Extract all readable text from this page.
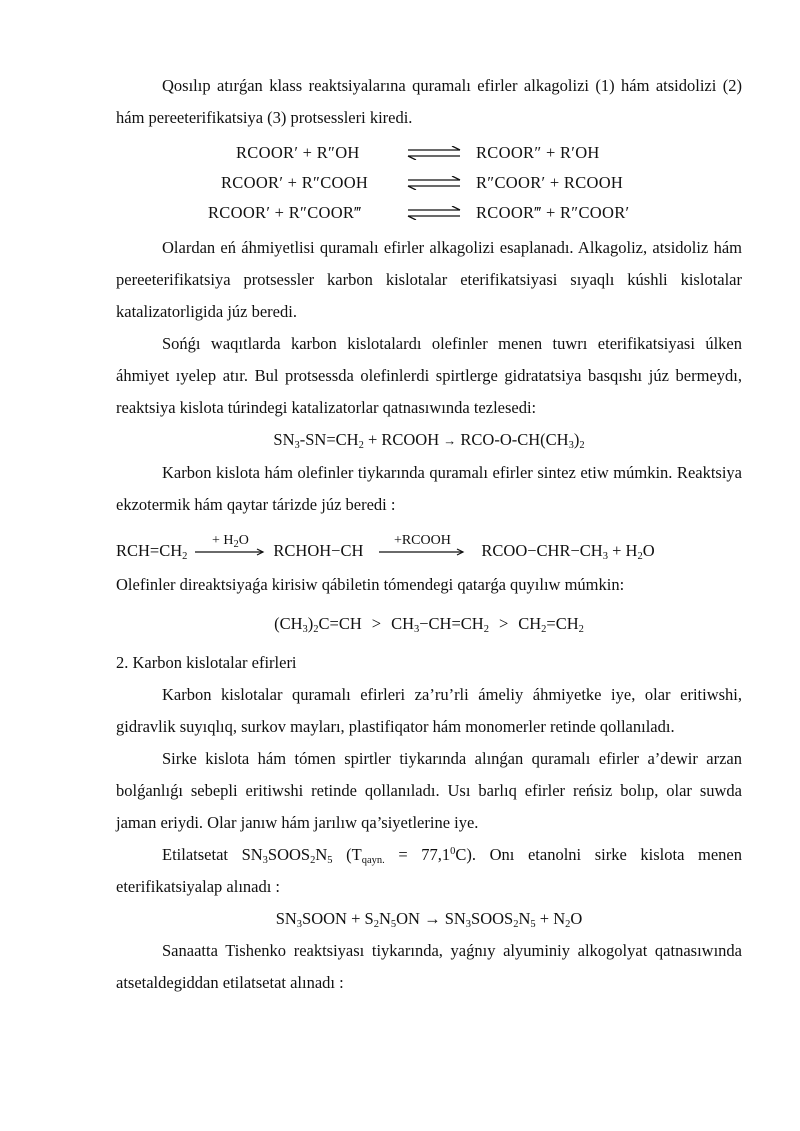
Qosılıp atırǵan klass reaktsiyalarına quramalı efirler alkagolizi (1) hám atsidolizi (2) hám pereeterifikatsiya (3) protsessleri kiredi.

RCOOR′ + R″OH	⇌ RCOOR″ + R′OH
RCOOR′ + R″COOH	⇌ R″COOR′ + RCOOH
RCOOR′ + R″COOR‴	⇌ RCOOR‴ + R″COOR′

Olardan eń áhmiyetlisi quramalı efirler alkagolizi esaplanadı. Alkagoliz, atsidoliz hám pereeterifikatsiya protsessler karbon kislotalar eterifikatsiyasi sıyaqlı kúshli kislotalar katalizatorligida júz beredi.

Sońǵı waqıtlarda karbon kislotalardı olefinler menen tuwrı eterifikatsiyasi úlken áhmiyet ıyelep atır. Bul protsessda olefinlerdi spirtlerge gidratatsiya basqıshı júz bermeydı, reaktsiya kislota túrindegi katalizatorlar qatnasıwında tezlesedi:

$SN_3-SN=CH_2$ + RCOOH → RCO-$O-CH(CH_3)_2$

Karbon kislota hám olefinler tiykarında quramalı efirler sintez etiw múmkin. Reaktsiya ekzotermik hám qaytar tárizde júz beredi :

$RCH=CH_2$
+ $H_2O$
RCHOH−CH
+RCOOH
$RCOO-CHR-CH_3 + H_2O$

Olefinler direaktsiyaǵa kirisiw qábiletin tómendegi qatarǵa quyılıw múmkin:

$(CH_3)_2C=CH > CH_3-CH=CH_2 > CH_2=CH_2$

2. Karbon kislotalar efirleri

Karbon kislotalar quramalı efirleri za’ru’rli ámeliy áhmiyetke iye, olar eritiwshi, gidravlik suyıqlıq, surkov mayları, plastifiqator hám monomerler retinde qollanıladı.

Sirke kislota hám tómen spirtler tiykarında alınǵan quramalı efirler a’dewir arzan bolǵanlıǵı sebepli eritiwshi retinde qollanıladı. Usı barlıq efirler reńsiz bolıp, olar suwda jaman eriydi. Olar janıw hám jarılıw qa’siyetlerine iye.

Etilatsetat $SN_3SOOS_2N_5$ $(T_{qayn.} = 77,1^0C)$. Onı etanolni sirke kislota menen eterifikatsiyalap alınadı :

$SN_3SOON + S_2N_5ON$ → $SN_3SOOS_2N_5 + N_2O$

Sanaatta Tishenko reaktsiyası tiykarında, yaǵnıy alyuminiy alkogolyat qatnasıwında atsetaldegiddan etilatsetat alınadı :
